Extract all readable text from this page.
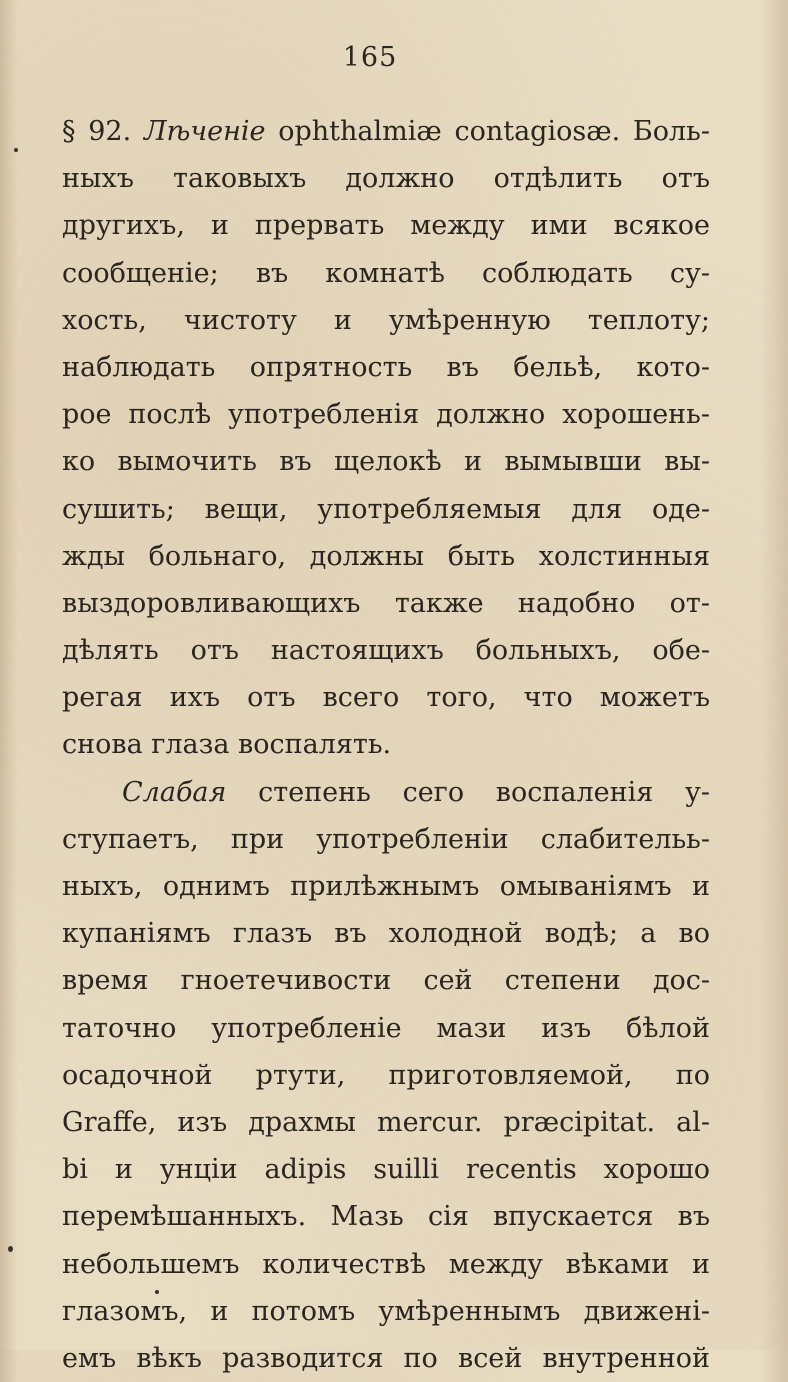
165
§ 92. Лѣченіе ophthalmiæ contagiosæ. Боль-
ныхъ таковыхъ должно отдѣлить отъ
другихъ, и прервать между ими всякое
сообщеніе; въ комнатѣ соблюдать су-
хость, чистоту и умѣренную теплоту;
наблюдать опрятность въ бельѣ, кото-
рое послѣ употребленія должно хорошень-
ко вымочить въ щелокѣ и вымывши вы-
сушить; вещи, употребляемыя для оде-
жды больнаго, должны быть холстинныя
выздоровливающихъ также надобно от-
дѣлять отъ настоящихъ больныхъ, обе-
регая ихъ отъ всего того, что можетъ
снова глаза воспалять.
Слабая степень сего воспаленія у-
ступаетъ, при употребленіи слабительь-
ныхъ, однимъ прилѣжнымъ омываніямъ и
купаніямъ глазъ въ холодной водѣ; а во
время гноетечивости сей степени дос-
таточно употребленіе мази изъ бѣлой
осадочной ртути, приготовляемой, по
Graffe, изъ драхмы mercur. præcipitat. al-
bi и унціи adipis suilli recentis хорошо
перемѣшанныхъ. Мазь сія впускается въ
небольшемъ количествѣ между вѣками и
глазомъ, и потомъ умѣреннымъ движені-
емъ вѣкъ разводится по всей внутренной
